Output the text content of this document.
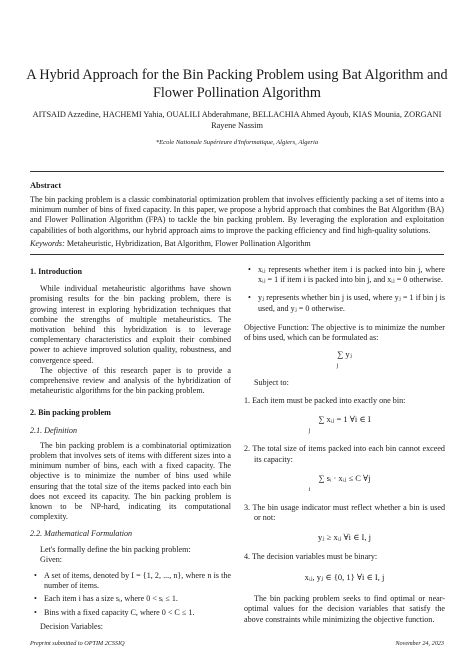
A Hybrid Approach for the Bin Packing Problem using Bat Algorithm and Flower Pollination Algorithm
AITSAID Azzedine, HACHEMI Yahia, OUALILI Abderahmane, BELLACHIA Ahmed Ayoub, KIAS Mounia, ZORGANI Rayene Nassim
*Ecole Nationale Supérieure d'Informatique, Algiers, Algeria
Abstract
The bin packing problem is a classic combinatorial optimization problem that involves efficiently packing a set of items into a minimum number of bins of fixed capacity. In this paper, we propose a hybrid approach that combines the Bat Algorithm (BA) and Flower Pollination Algorithm (FPA) to tackle the bin packing problem. By leveraging the exploration and exploitation capabilities of both algorithms, our hybrid approach aims to improve the packing efficiency and find high-quality solutions.
Keywords: Metaheuristic, Hybridization, Bat Algorithm, Flower Pollination Algorithm
1. Introduction
While individual metaheuristic algorithms have shown promising results for the bin packing problem, there is growing interest in exploring hybridization techniques that combine the strengths of multiple metaheuristics. The motivation behind this hybridization is to leverage complementary characteristics and exploit their combined power to achieve improved solution quality, robustness, and convergence speed.
The objective of this research paper is to provide a comprehensive review and analysis of the hybridization of metaheuristic algorithms for the bin packing problem.
2. Bin packing problem
2.1. Definition
The bin packing problem is a combinatorial optimization problem that involves sets of items with different sizes into a minimum number of bins, each with a fixed capacity. The objective is to minimize the number of bins used while ensuring that the total size of the items packed into each bin does not exceed its capacity. The bin packing problem is known to be NP-hard, indicating its computational complexity.
2.2. Mathematical Formulation
Let's formally define the bin packing problem:
Given:
• A set of items, denoted by I = {1, 2, ..., n}, where n is the number of items.
• Each item i has a size sᵢ, where 0 < sᵢ ≤ 1.
• Bins with a fixed capacity C, where 0 < C ≤ 1.
Decision Variables:
• xᵢⱼ represents whether item i is packed into bin j, where xᵢⱼ = 1 if item i is packed into bin j, and xᵢⱼ = 0 otherwise.
• yⱼ represents whether bin j is used, where yⱼ = 1 if bin j is used, and yⱼ = 0 otherwise.
Objective Function: The objective is to minimize the number of bins used, which can be formulated as:
∑ yⱼ
j
Subject to:
1. Each item must be packed into exactly one bin:
∑ xᵢⱼ = 1 ∀i ∈ I
j
2. The total size of items packed into each bin cannot exceed its capacity:
∑ sᵢ · xᵢⱼ ≤ C ∀j
i
3. The bin usage indicator must reflect whether a bin is used or not:
yⱼ ≥ xᵢⱼ ∀i ∈ I, j
4. The decision variables must be binary:
xᵢⱼ, yⱼ ∈ {0, 1} ∀i ∈ I, j
The bin packing problem seeks to find optimal or near-optimal values for the decision variables that satisfy the above constraints while minimizing the objective function.
Preprint submitted to OPTIM 2CSSIQ	November 24, 2023
